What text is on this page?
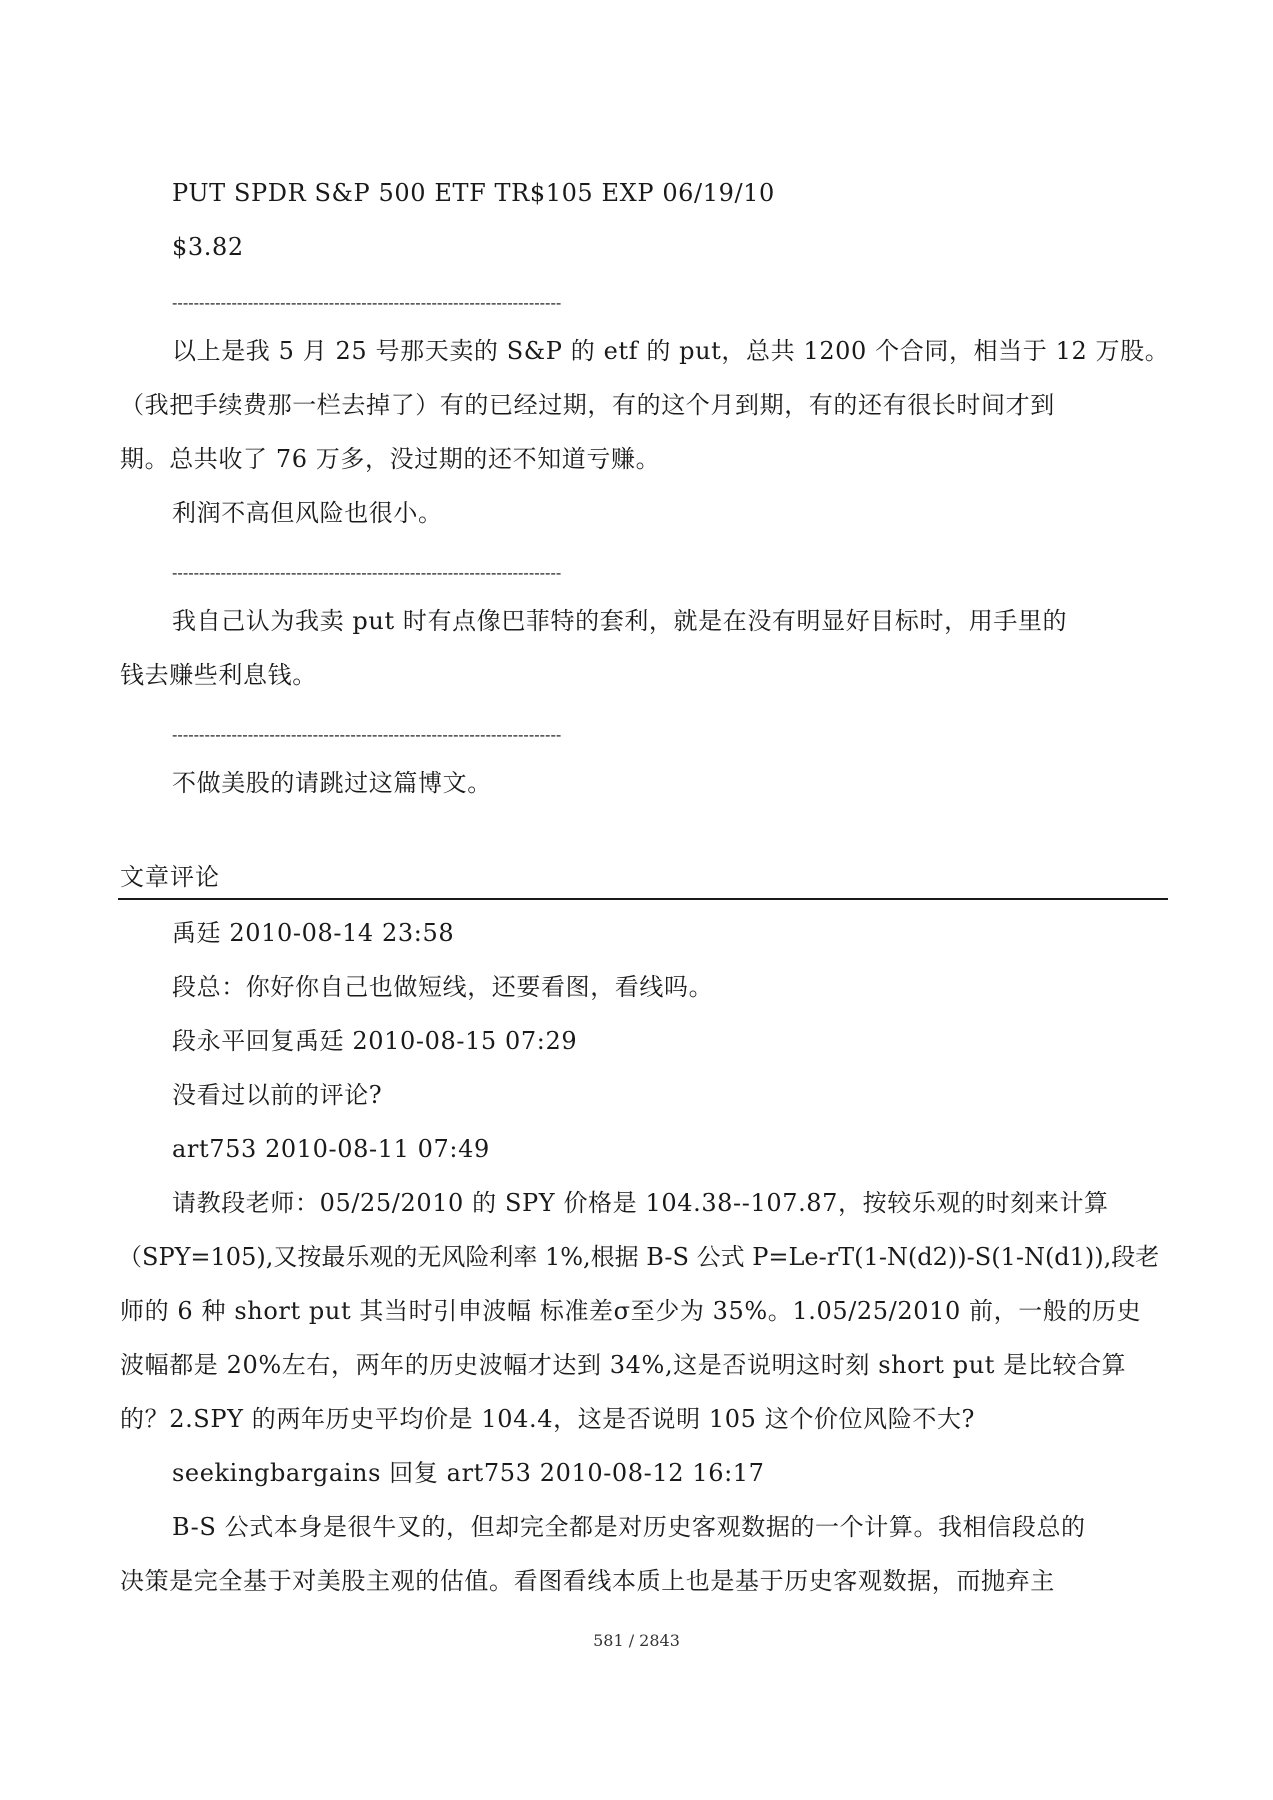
PUT SPDR S&P 500 ETF TR$105 EXP 06/19/10
$3.82
------------------------------------------------------------------------
以上是我 5 月 25 号那天卖的 S&P 的 etf 的 put，总共 1200 个合同，相当于 12 万股。
（我把手续费那一栏去掉了）有的已经过期，有的这个月到期，有的还有很长时间才到
期。总共收了 76 万多，没过期的还不知道亏赚。
利润不高但风险也很小。
------------------------------------------------------------------------
我自己认为我卖 put 时有点像巴菲特的套利，就是在没有明显好目标时，用手里的
钱去赚些利息钱。
------------------------------------------------------------------------
不做美股的请跳过这篇博文。
文章评论
禹廷 2010-08-14 23:58
段总：你好你自己也做短线，还要看图，看线吗。
段永平回复禹廷 2010-08-15 07:29
没看过以前的评论?
art753 2010-08-11 07:49
请教段老师：05/25/2010 的 SPY 价格是 104.38--107.87，按较乐观的时刻来计算
（SPY=105),又按最乐观的无风险利率 1%,根据 B-S 公式 P=Le-rT(1-N(d2))-S(1-N(d1)),段老
师的 6 种 short put 其当时引申波幅 标准差σ至少为 35%。1.05/25/2010 前，一般的历史
波幅都是 20%左右，两年的历史波幅才达到 34%,这是否说明这时刻 short put 是比较合算
的？2.SPY 的两年历史平均价是 104.4，这是否说明 105 这个价位风险不大?
seekingbargains 回复 art753 2010-08-12 16:17
B-S 公式本身是很牛叉的，但却完全都是对历史客观数据的一个计算。我相信段总的
决策是完全基于对美股主观的估值。看图看线本质上也是基于历史客观数据，而抛弃主
581 / 2843
